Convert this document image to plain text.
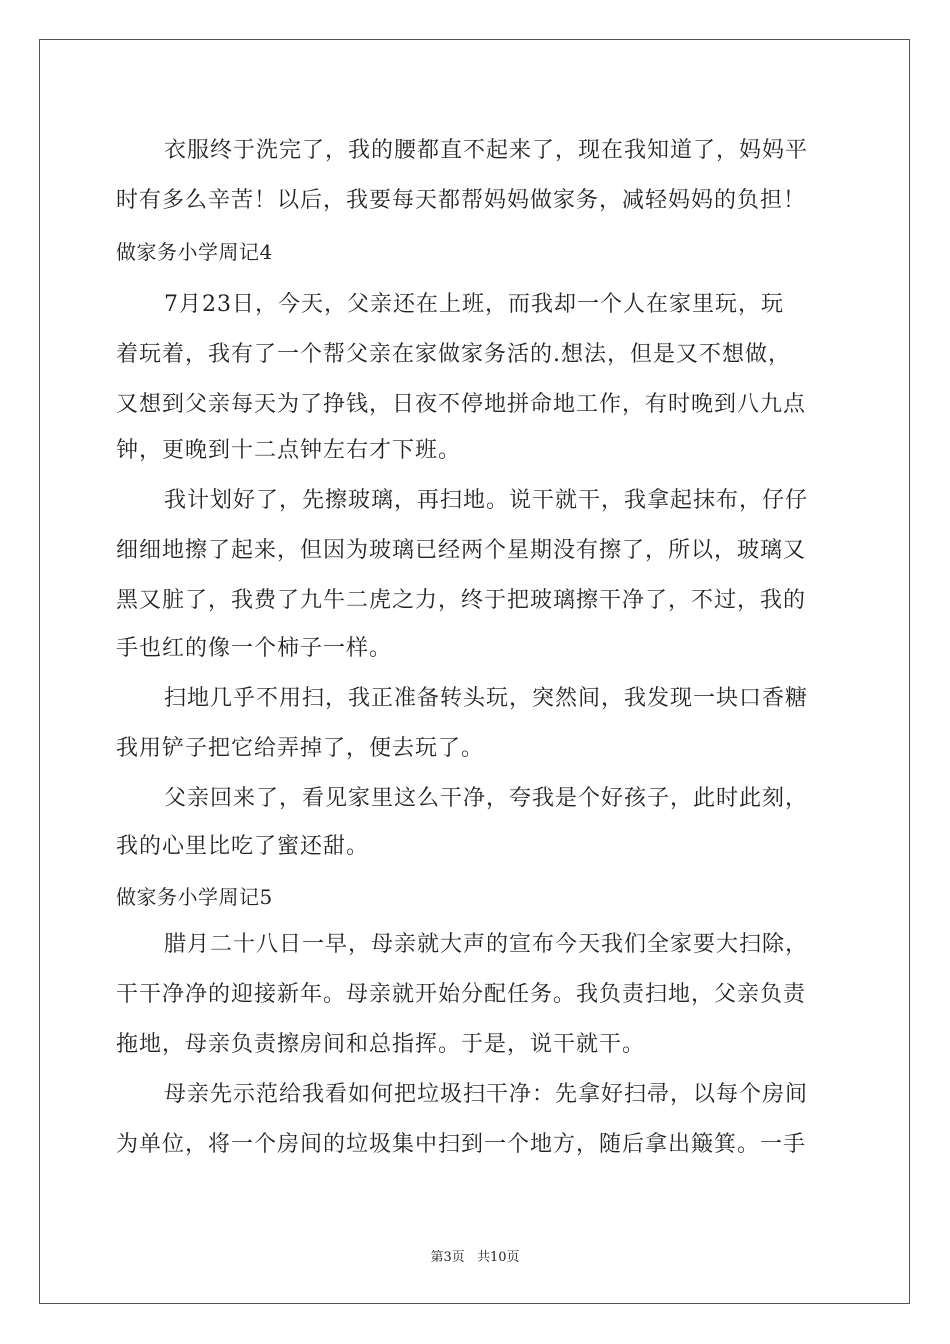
衣服终于洗完了，我的腰都直不起来了，现在我知道了，妈妈平
时有多么辛苦！以后，我要每天都帮妈妈做家务，减轻妈妈的负担！
做家务小学周记4
7月23日，今天，父亲还在上班，而我却一个人在家里玩，玩
着玩着，我有了一个帮父亲在家做家务活的.想法，但是又不想做，
又想到父亲每天为了挣钱，日夜不停地拼命地工作，有时晚到八九点
钟，更晚到十二点钟左右才下班。
我计划好了，先擦玻璃，再扫地。说干就干，我拿起抹布，仔仔
细细地擦了起来，但因为玻璃已经两个星期没有擦了，所以，玻璃又
黑又脏了，我费了九牛二虎之力，终于把玻璃擦干净了，不过，我的
手也红的像一个柿子一样。
扫地几乎不用扫，我正准备转头玩，突然间，我发现一块口香糖
我用铲子把它给弄掉了，便去玩了。
父亲回来了，看见家里这么干净，夸我是个好孩子，此时此刻，
我的心里比吃了蜜还甜。
做家务小学周记5
腊月二十八日一早，母亲就大声的宣布今天我们全家要大扫除，
干干净净的迎接新年。母亲就开始分配任务。我负责扫地，父亲负责
拖地，母亲负责擦房间和总指挥。于是，说干就干。
母亲先示范给我看如何把垃圾扫干净：先拿好扫帚，以每个房间
为单位，将一个房间的垃圾集中扫到一个地方，随后拿出簸箕。一手
第3页 共10页
